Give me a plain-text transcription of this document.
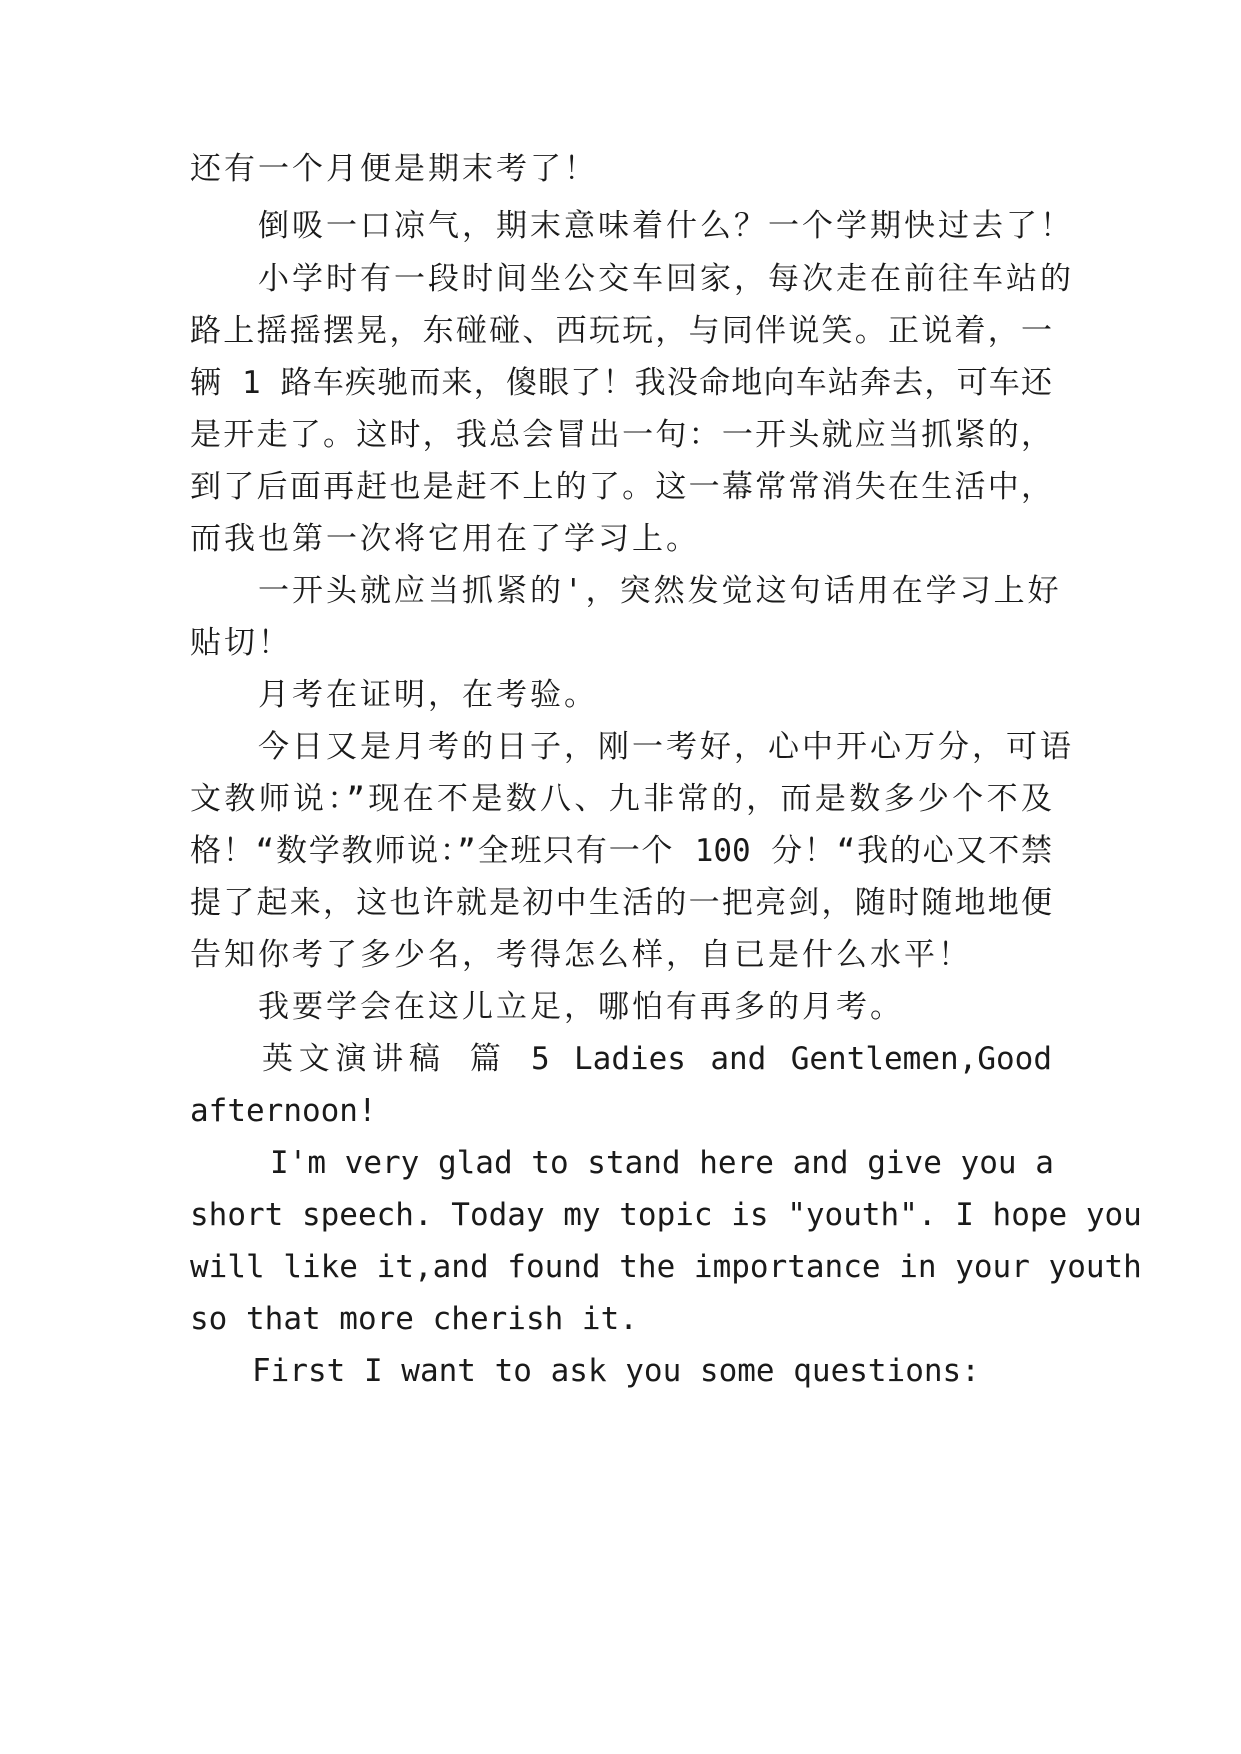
还有一个月便是期末考了！

倒吸一口凉气，期末意味着什么？一个学期快过去了！

小学时有一段时间坐公交车回家，每次走在前往车站的

路上摇摇摆晃，东碰碰、西玩玩，与同伴说笑。正说着，一

辆 1 路车疾驰而来，傻眼了！我没命地向车站奔去，可车还

是开走了。这时，我总会冒出一句：一开头就应当抓紧的，

到了后面再赶也是赶不上的了。这一幕常常消失在生活中，

而我也第一次将它用在了学习上。

一开头就应当抓紧的'，突然发觉这句话用在学习上好

贴切！

月考在证明，在考验。

今日又是月考的日子，刚一考好，心中开心万分，可语

文教师说：”现在不是数八、九非常的，而是数多少个不及

格！“数学教师说：”全班只有一个 100 分！“我的心又不禁

提了起来，这也许就是初中生活的一把亮剑，随时随地地便

告知你考了多少名，考得怎么样，自已是什么水平！

我要学会在这儿立足，哪怕有再多的月考。

英文演讲稿 篇 5 Ladies and Gentlemen,Good

afternoon!

I'm very glad to stand here and give you a

short speech. Today my topic is "youth". I hope you

will like it,and found the importance in your youth

so that more cherish it.

First I want to ask you some questions:
